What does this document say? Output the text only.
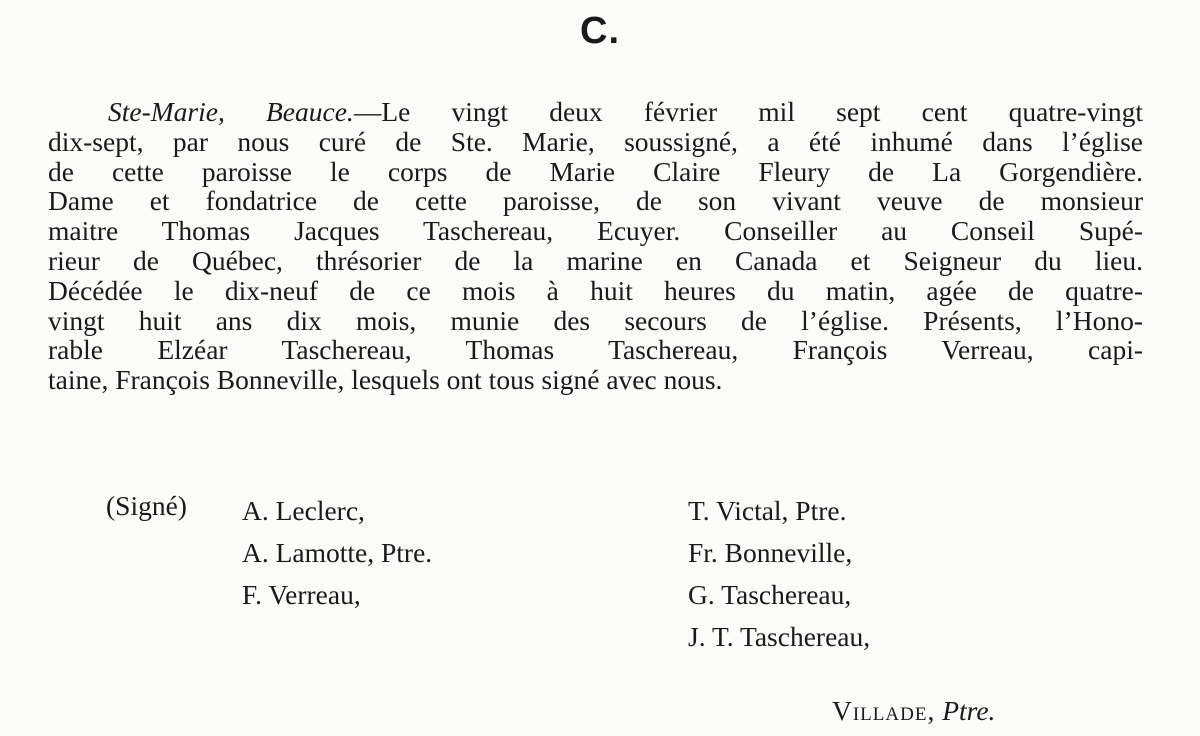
C.
Ste-Marie, Beauce.—Le vingt deux février mil sept cent quatre-vingt
dix-sept, par nous curé de Ste. Marie, soussigné, a été inhumé dans l’église
de cette paroisse le corps de Marie Claire Fleury de La Gorgendière.
Dame et fondatrice de cette paroisse, de son vivant veuve de monsieur
maitre Thomas Jacques Taschereau, Ecuyer. Conseiller au Conseil Supé-
rieur de Québec, thrésorier de la marine en Canada et Seigneur du lieu.
Décédée le dix-neuf de ce mois à huit heures du matin, agée de quatre-
vingt huit ans dix mois, munie des secours de l’église. Présents, l’Hono-
rable Elzéar Taschereau, Thomas Taschereau, François Verreau, capi-
taine, François Bonneville, lesquels ont tous signé avec nous.
(Signé) A. Leclerc,
A. Lamotte, Ptre.
F. Verreau,
T. Victal, Ptre.
Fr. Bonneville,
G. Taschereau,
J. T. Taschereau,
Villade, Ptre.
